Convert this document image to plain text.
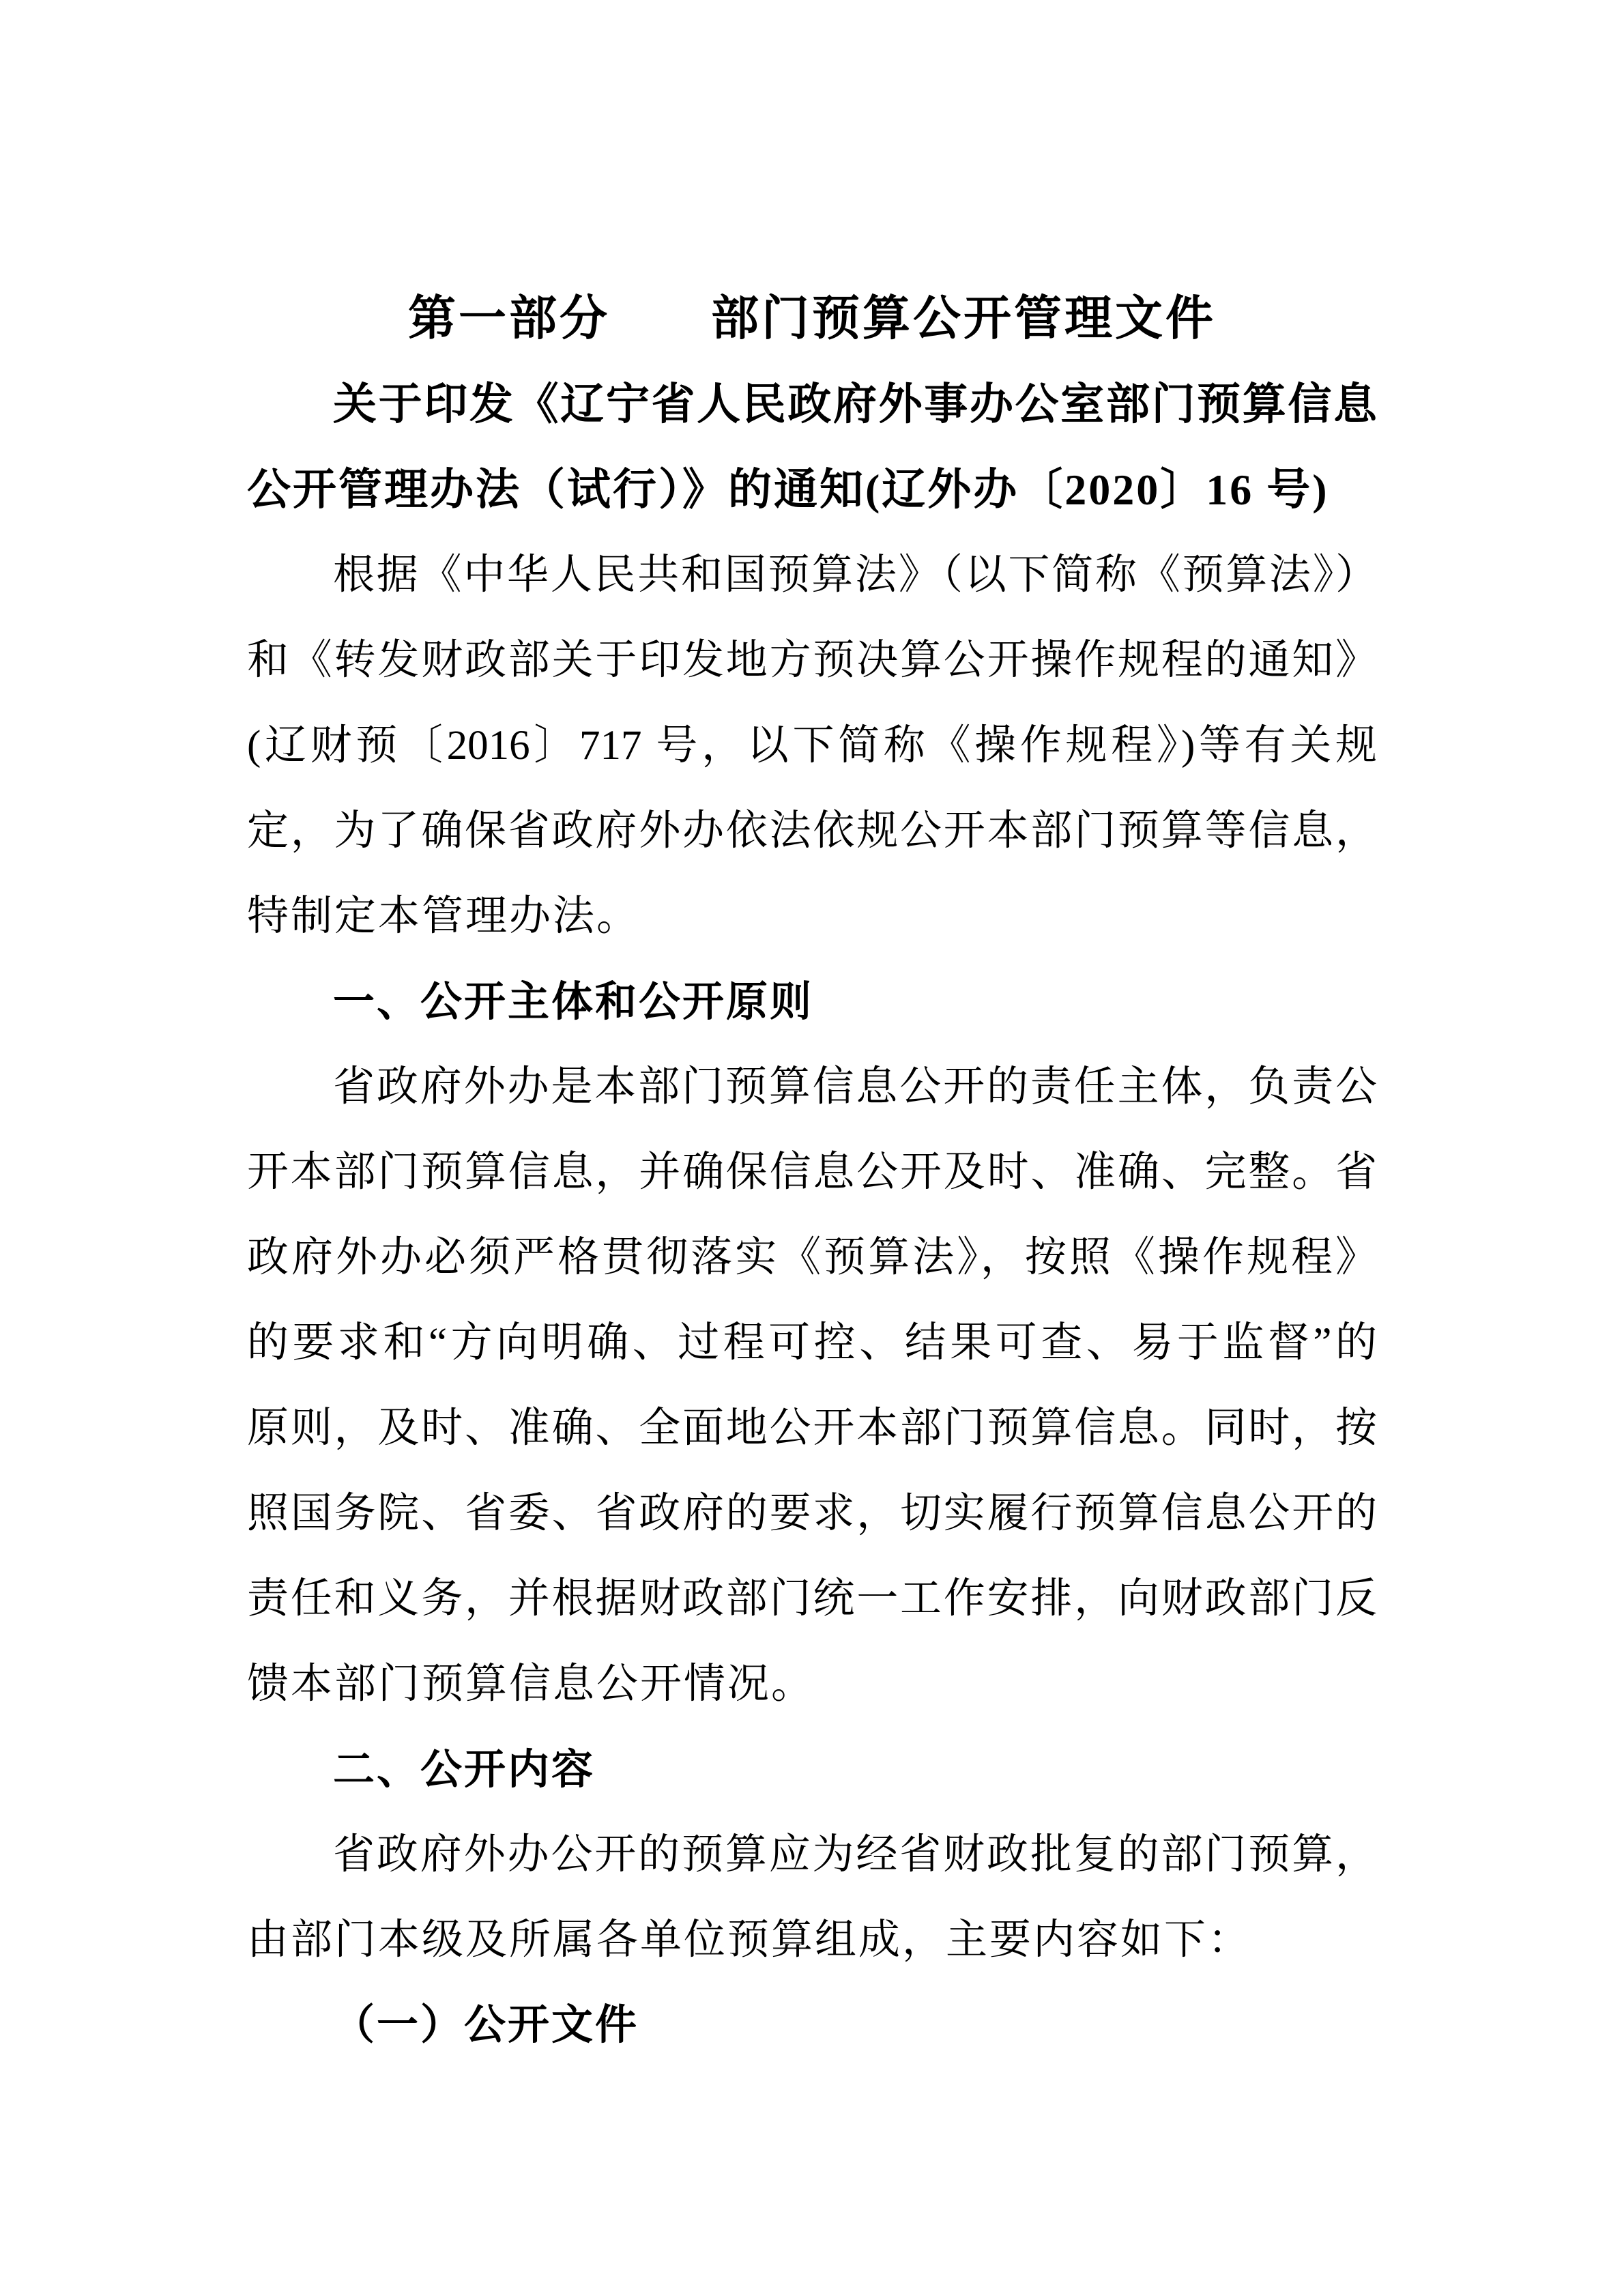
第一部分　　部门预算公开管理文件
关于印发《辽宁省人民政府外事办公室部门预算信息
公开管理办法（试行）》的通知(辽外办〔2020〕16 号)
根据《中华人民共和国预算法》（以下简称《预算法》）
和《转发财政部关于印发地方预决算公开操作规程的通知》
(辽财预〔2016〕717 号，以下简称《操作规程》)等有关规
定，为了确保省政府外办依法依规公开本部门预算等信息，
特制定本管理办法。
一、公开主体和公开原则
省政府外办是本部门预算信息公开的责任主体，负责公
开本部门预算信息，并确保信息公开及时、准确、完整。省
政府外办必须严格贯彻落实《预算法》，按照《操作规程》
的要求和“方向明确、过程可控、结果可查、易于监督”的
原则，及时、准确、全面地公开本部门预算信息。同时，按
照国务院、省委、省政府的要求，切实履行预算信息公开的
责任和义务，并根据财政部门统一工作安排，向财政部门反
馈本部门预算信息公开情况。
二、公开内容
省政府外办公开的预算应为经省财政批复的部门预算，
由部门本级及所属各单位预算组成，主要内容如下：
（一）公开文件
